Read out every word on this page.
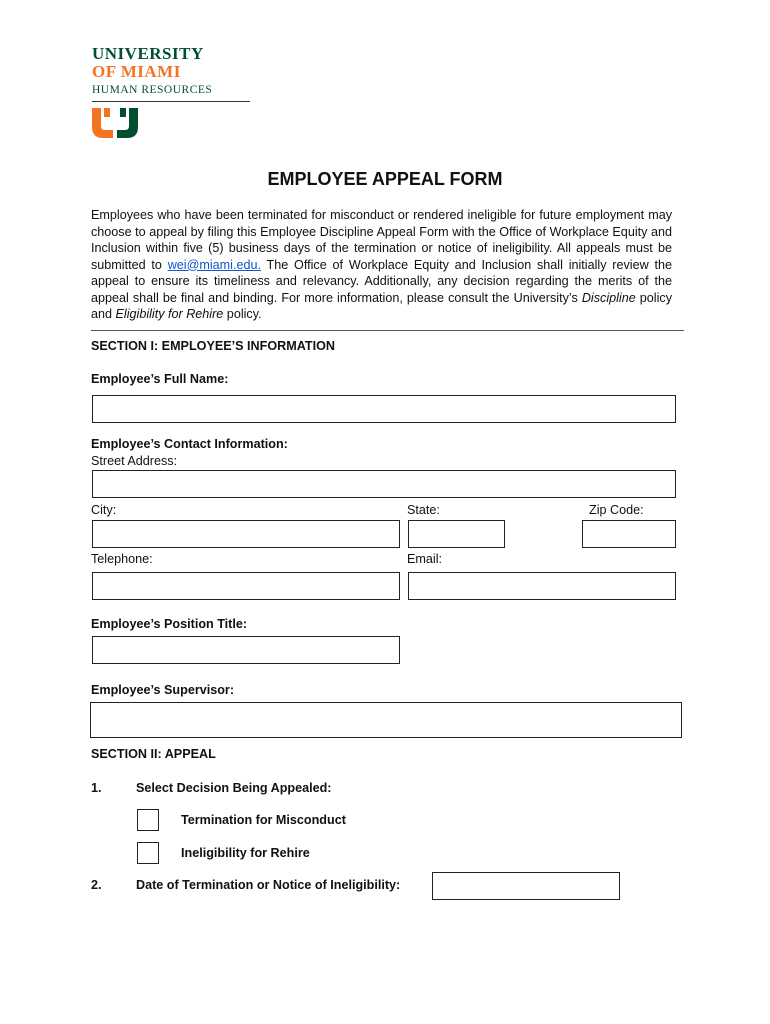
UNIVERSITY
OF MIAMI
HUMAN RESOURCES
EMPLOYEE APPEAL FORM
Employees who have been terminated for misconduct or rendered ineligible for future employment may choose to appeal by filing this Employee Discipline Appeal Form with the Office of Workplace Equity and Inclusion within five (5) business days of the termination or notice of ineligibility. All appeals must be submitted to wei@miami.edu. The Office of Workplace Equity and Inclusion shall initially review the appeal to ensure its timeliness and relevancy. Additionally, any decision regarding the merits of the appeal shall be final and binding. For more information, please consult the University’s Discipline policy and Eligibility for Rehire policy.
SECTION I: EMPLOYEE’S INFORMATION
Employee’s Full Name:
Employee’s Contact Information:
Street Address:
City:	State:	Zip Code:
Telephone:	Email:
Employee’s Position Title:
Employee’s Supervisor:
SECTION II: APPEAL
1.	Select Decision Being Appealed:
Termination for Misconduct
Ineligibility for Rehire
2.	Date of Termination or Notice of Ineligibility:
